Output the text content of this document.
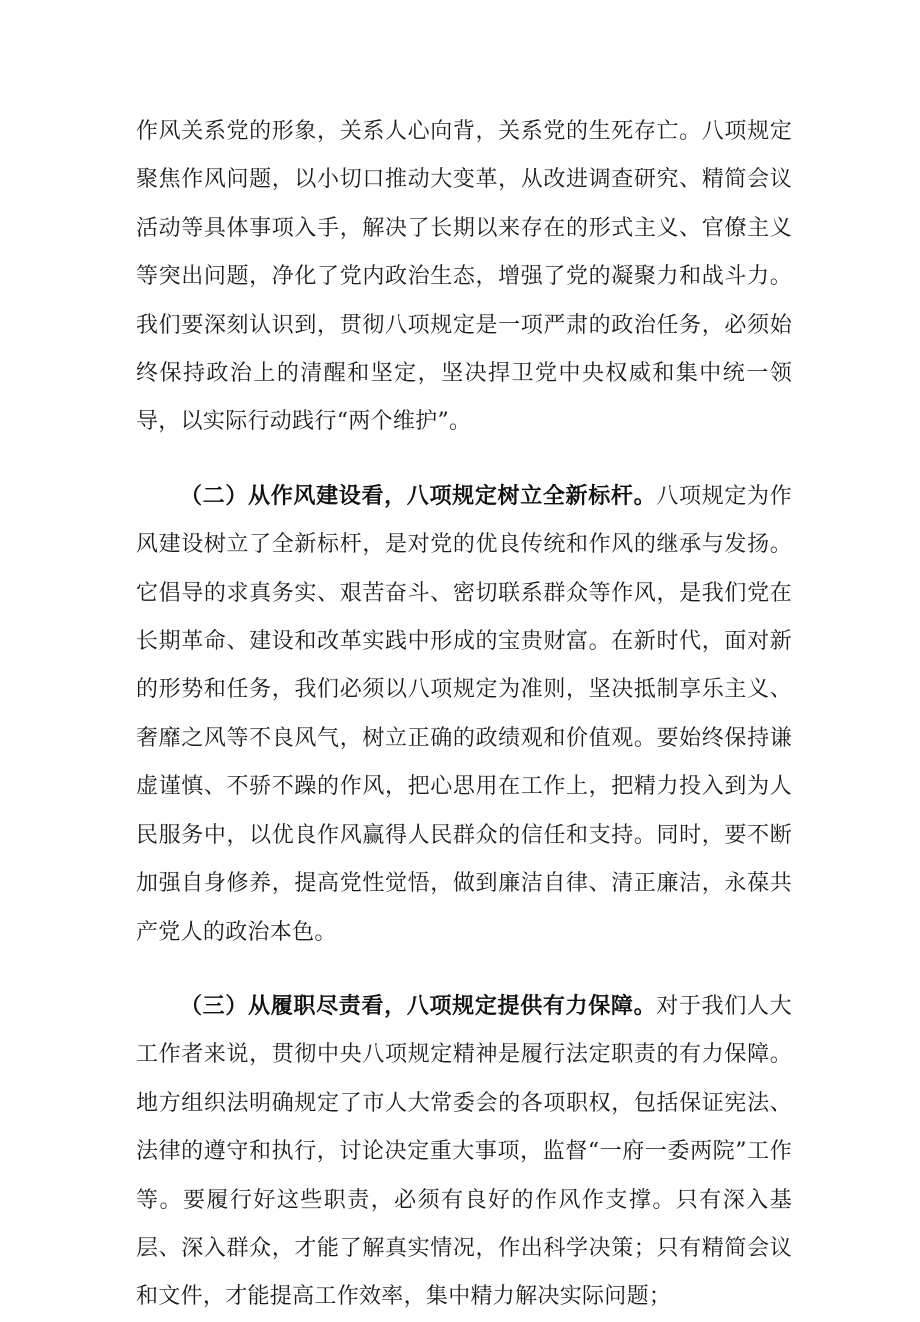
作风关系党的形象，关系人心向背，关系党的生死存亡。八项规定聚焦作风问题，以小切口推动大变革，从改进调查研究、精简会议活动等具体事项入手，解决了长期以来存在的形式主义、官僚主义等突出问题，净化了党内政治生态，增强了党的凝聚力和战斗力。我们要深刻认识到，贯彻八项规定是一项严肃的政治任务，必须始终保持政治上的清醒和坚定，坚决捍卫党中央权威和集中统一领导，以实际行动践行“两个维护”。

（二）从作风建设看，八项规定树立全新标杆。八项规定为作风建设树立了全新标杆，是对党的优良传统和作风的继承与发扬。它倡导的求真务实、艰苦奋斗、密切联系群众等作风，是我们党在长期革命、建设和改革实践中形成的宝贵财富。在新时代，面对新的形势和任务，我们必须以八项规定为准则，坚决抵制享乐主义、奢靡之风等不良风气，树立正确的政绩观和价值观。要始终保持谦虚谨慎、不骄不躁的作风，把心思用在工作上，把精力投入到为人民服务中，以优良作风赢得人民群众的信任和支持。同时，要不断加强自身修养，提高党性觉悟，做到廉洁自律、清正廉洁，永葆共产党人的政治本色。

（三）从履职尽责看，八项规定提供有力保障。对于我们人大工作者来说，贯彻中央八项规定精神是履行法定职责的有力保障。地方组织法明确规定了市人大常委会的各项职权，包括保证宪法、法律的遵守和执行，讨论决定重大事项，监督“一府一委两院”工作等。要履行好这些职责，必须有良好的作风作支撑。只有深入基层、深入群众，才能了解真实情况，作出科学决策；只有精简会议和文件，才能提高工作效率，集中精力解决实际问题；
